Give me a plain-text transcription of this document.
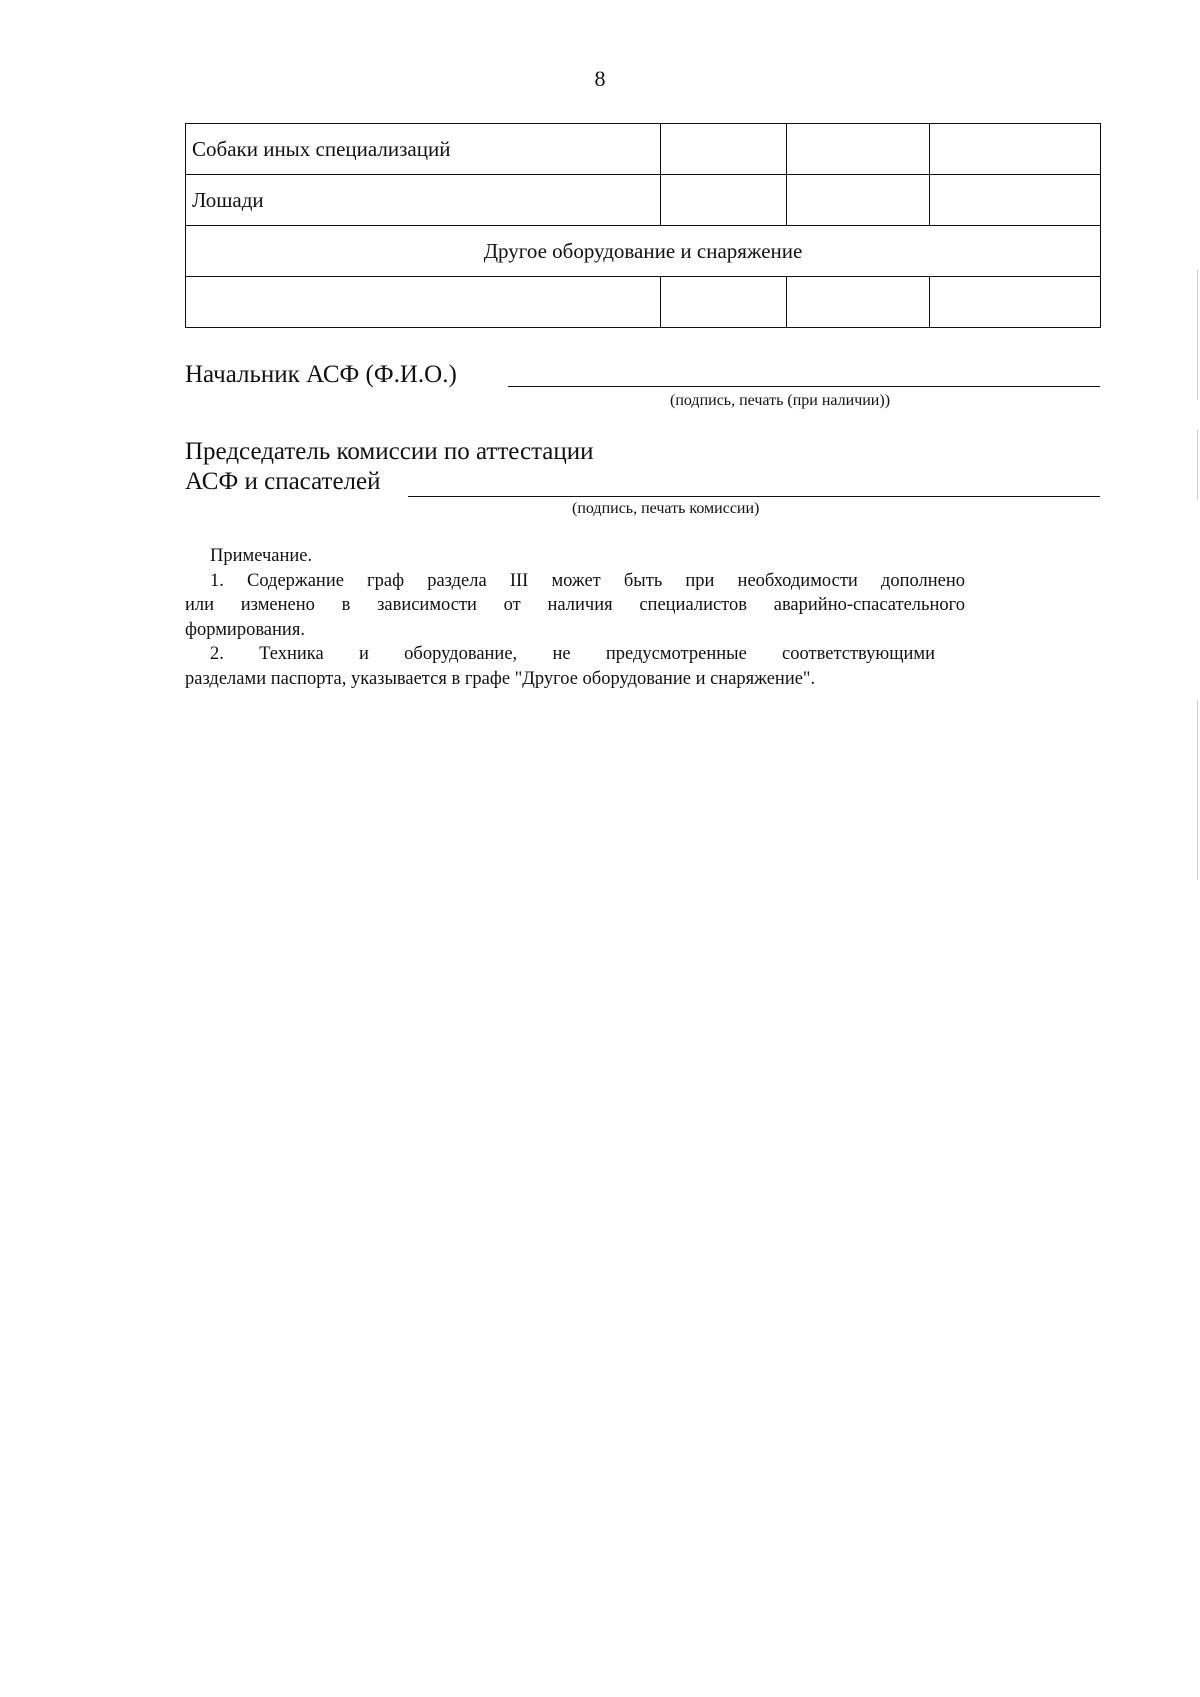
8
Собаки иных специализаций			
Лошади			
Другое оборудование и снаряжение			

Начальник АСФ (Ф.И.О.)
(подпись, печать (при наличии))
Председатель комиссии по аттестации
АСФ и спасателей
(подпись, печать комиссии)

Примечание.

1. Содержание граф раздела III может быть при необходимости дополнено

или изменено в зависимости от наличия специалистов аварийно-спасательного

формирования.

2. Техника и оборудование, не предусмотренные соответствующими

разделами паспорта, указывается в графе "Другое оборудование и снаряжение".
